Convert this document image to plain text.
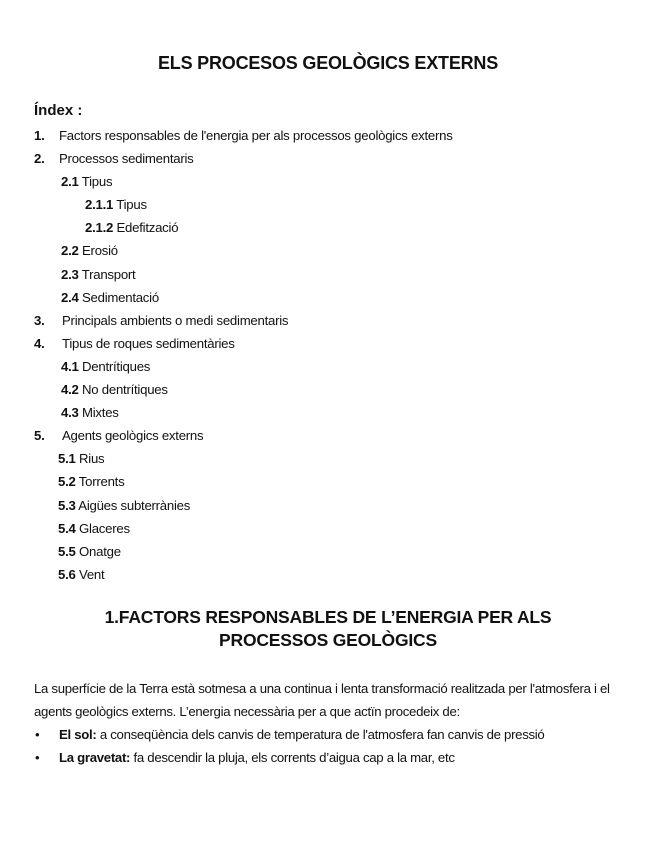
ELS PROCESOS GEOLÒGICS EXTERNS
Índex :
1. Factors responsables de l'energia per als processos geològics externs
2. Processos sedimentaris
2.1 Tipus
2.1.1 Tipus
2.1.2 Edefització
2.2 Erosió
2.3 Transport
2.4 Sedimentació
3. Principals ambients o medi sedimentaris
4. Tipus de roques sedimentàries
4.1 Dentrítiques
4.2 No dentrítiques
4.3 Mixtes
5. Agents geològics externs
5.1 Rius
5.2 Torrents
5.3 Aigües subterrànies
5.4 Glaceres
5.5 Onatge
5.6 Vent
1.FACTORS RESPONSABLES DE L’ENERGIA PER ALS
PROCESSOS GEOLÒGICS

La superfície de la Terra està sotmesa a una continua i lenta transformació realitzada per l'atmosfera i el agents geològics externs. L’energia necessària per a que actïn procedeix de:

• El sol: a conseqüència dels canvis de temperatura de l'atmosfera fan canvis de pressió
• La gravetat: fa descendir la pluja, els corrents d’aigua cap a la mar, etc
